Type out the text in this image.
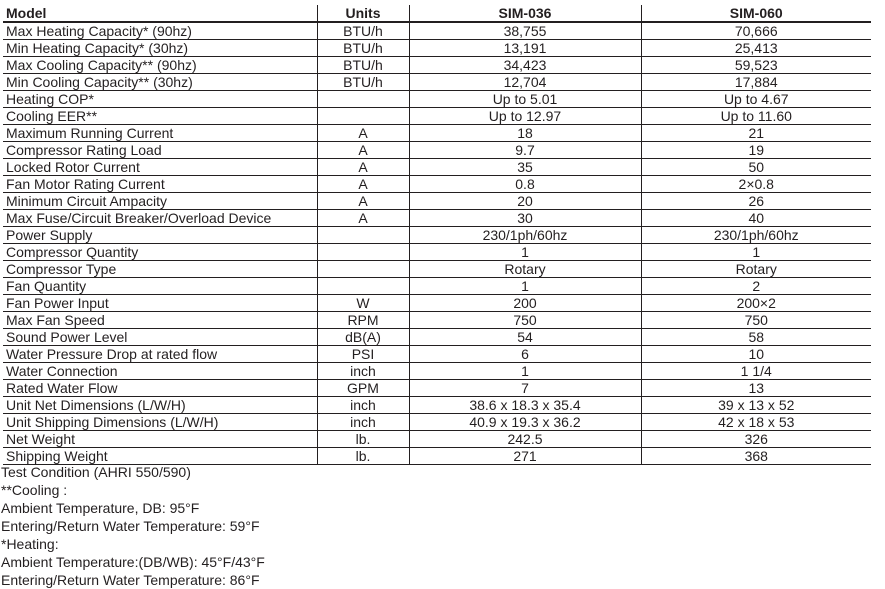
Model	Units	SIM-036	SIM-060
Max Heating Capacity* (90hz)	BTU/h	38,755	70,666
Min Heating Capacity* (30hz)	BTU/h	13,191	25,413
Max Cooling Capacity** (90hz)	BTU/h	34,423	59,523
Min Cooling Capacity** (30hz)	BTU/h	12,704	17,884
Heating COP*		Up to 5.01	Up to 4.67
Cooling EER**		Up to 12.97	Up to 11.60
Maximum Running Current	A	18	21
Compressor Rating Load	A	9.7	19
Locked Rotor Current	A	35	50
Fan Motor Rating Current	A	0.8	2×0.8
Minimum Circuit Ampacity	A	20	26
Max Fuse/Circuit Breaker/Overload Device	A	30	40
Power Supply		230/1ph/60hz	230/1ph/60hz
Compressor Quantity		1	1
Compressor Type		Rotary	Rotary
Fan Quantity		1	2
Fan Power Input	W	200	200×2
Max Fan Speed	RPM	750	750
Sound Power Level	dB(A)	54	58
Water Pressure Drop at rated flow	PSI	6	10
Water Connection	inch	1	1 1/4
Rated Water Flow	GPM	7	13
Unit Net Dimensions (L/W/H)	inch	38.6 x 18.3 x 35.4	39 x 13 x 52
Unit Shipping Dimensions (L/W/H)	inch	40.9 x 19.3 x 36.2	42 x 18 x 53
Net Weight	lb.	242.5	326
Shipping Weight	lb.	271	368
Test Condition (AHRI 550/590)
**Cooling :
Ambient Temperature, DB: 95°F
Entering/Return Water Temperature: 59°F
*Heating:
Ambient Temperature:(DB/WB): 45°F/43°F
Entering/Return Water Temperature: 86°F
